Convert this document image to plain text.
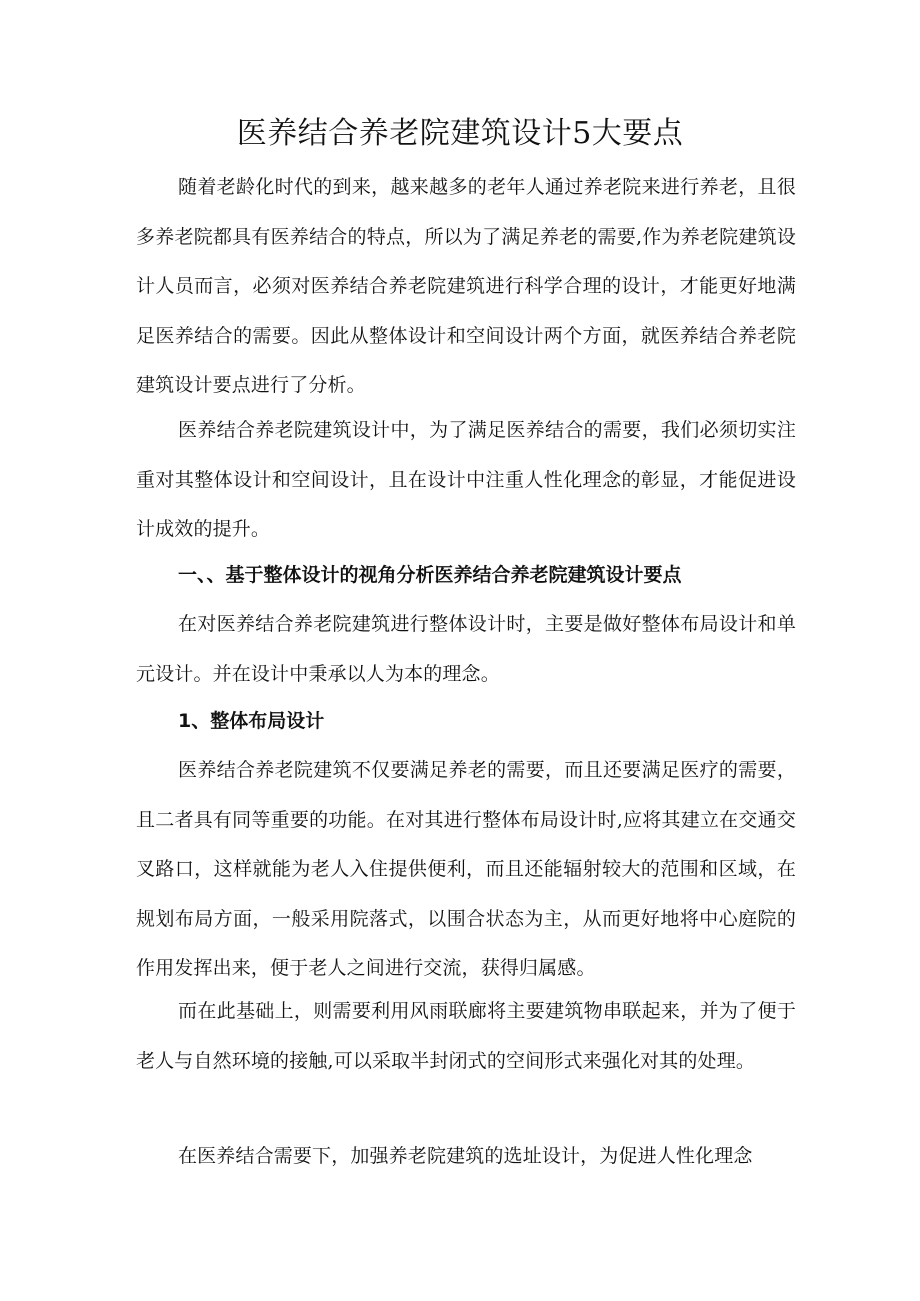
医养结合养老院建筑设计5大要点

随着老龄化时代的到来，越来越多的老年人通过养老院来进行养老，且很多养老院都具有医养结合的特点，所以为了满足养老的需要,作为养老院建筑设计人员而言，必须对医养结合养老院建筑进行科学合理的设计，才能更好地满足医养结合的需要。因此从整体设计和空间设计两个方面，就医养结合养老院建筑设计要点进行了分析。

医养结合养老院建筑设计中，为了满足医养结合的需要，我们必须切实注重对其整体设计和空间设计，且在设计中注重人性化理念的彰显，才能促进设计成效的提升。

一、、基于整体设计的视角分析医养结合养老院建筑设计要点

在对医养结合养老院建筑进行整体设计时，主要是做好整体布局设计和单元设计。并在设计中秉承以人为本的理念。

1、整体布局设计

医养结合养老院建筑不仅要满足养老的需要，而且还要满足医疗的需要，且二者具有同等重要的功能。在对其进行整体布局设计时,应将其建立在交通交叉路口，这样就能为老人入住提供便利，而且还能辐射较大的范围和区域，在规划布局方面，一般采用院落式，以围合状态为主，从而更好地将中心庭院的作用发挥出来，便于老人之间进行交流，获得归属感。

而在此基础上，则需要利用风雨联廊将主要建筑物串联起来，并为了便于老人与自然环境的接触,可以采取半封闭式的空间形式来强化对其的处理。

在医养结合需要下，加强养老院建筑的选址设计，为促进人性化理念
